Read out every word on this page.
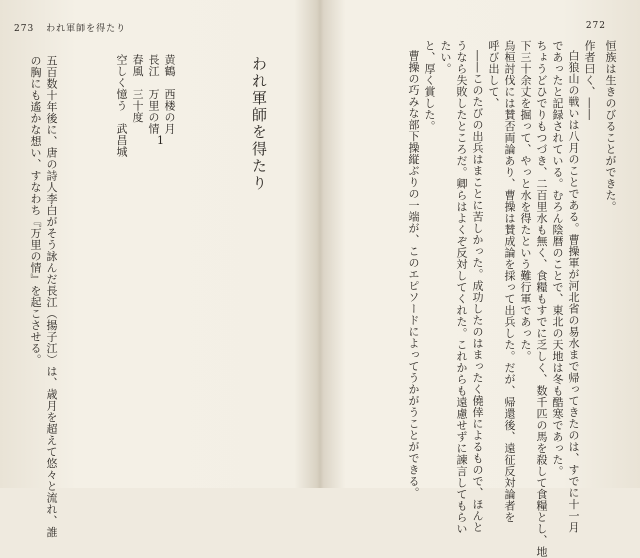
273 われ軍師を得たり
空しく憶う　武昌城 春風　三十度 長江　万里の情 黄鶴　西楼の月
1	われ軍師を得たり
の胸にも遙かな想い、すなわち『万里の情』を起こさせる。 五百数十年後に、唐の詩人李白がそう詠んだ長江（揚子江）は、歳月を超えて悠々と流れ、誰
272
恒族は生きのびることができた。
作者曰く、――
白狼山の戦いは八月のことである。曹操軍が河北省の易水まで帰ってきたのは、すでに十一月
であったと記録されている。むろん陰暦のことで、東北の天地は冬も酷寒であった。
ちょうどひでりもつづき、二百里水も無く、食糧もすでに乏しく、数千匹の馬を殺して食糧とし、地
下三十余丈を掘って、やっと水を得たという難行軍であった。
烏桓討伐には賛否両論あり、曹操は賛成論を採って出兵した。だが、帰還後、遠征反対論者を
呼び出して、
――このたびの出兵はまことに苦しかった。成功したのはまったく僥倖によるもので、ほんと
うなら失敗したところだ。卿らはよくぞ反対してくれた。これからも遠慮せずに諫言してもらい
たい。
と、厚く賞した。
曹操の巧みな部下操縦ぶりの一端が、このエピソードによってうかがうことができる。
